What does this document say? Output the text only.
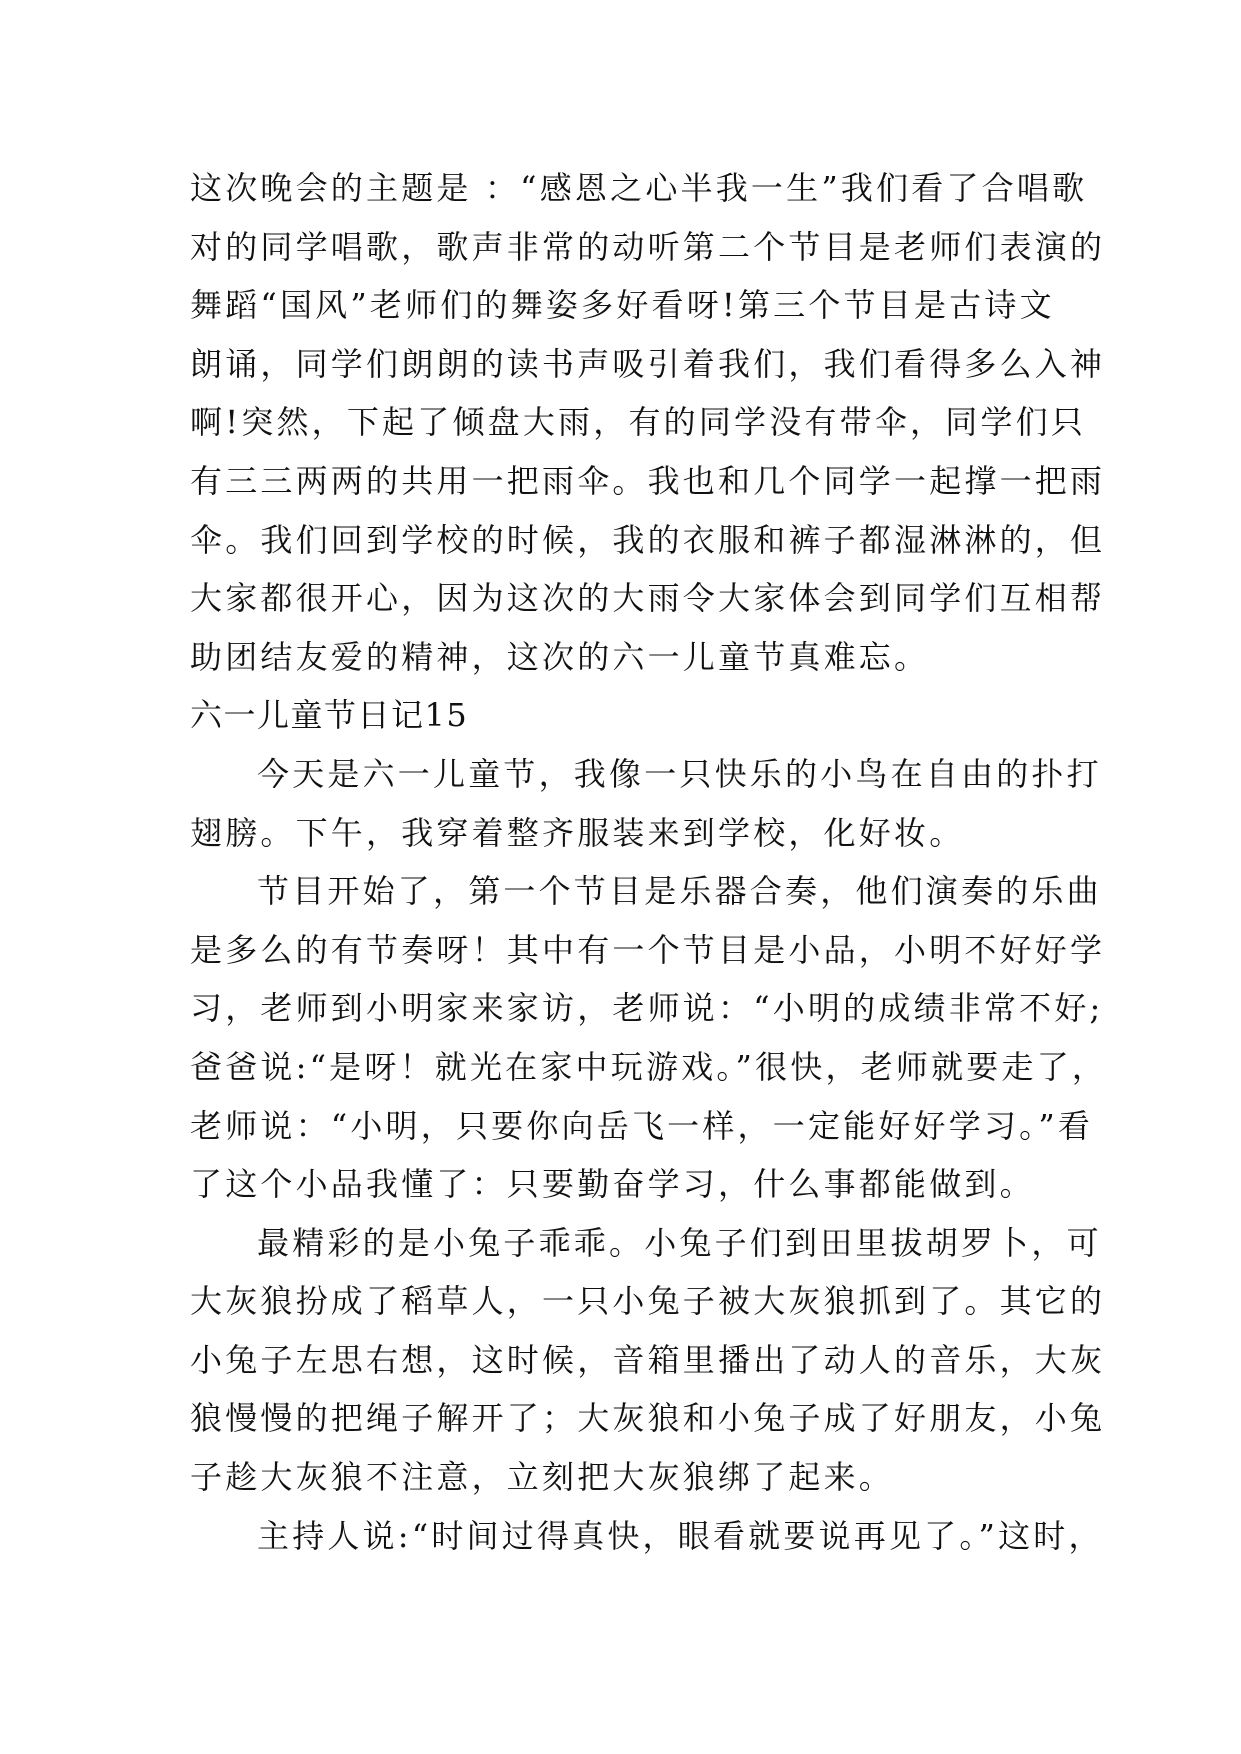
这次晚会的主题是 ：“感恩之心半我一生”我们看了合唱歌
对的同学唱歌，歌声非常的动听第二个节目是老师们表演的
舞蹈“国风”老师们的舞姿多好看呀!第三个节目是古诗文
朗诵，同学们朗朗的读书声吸引着我们，我们看得多么入神
啊!突然，下起了倾盘大雨，有的同学没有带伞，同学们只
有三三两两的共用一把雨伞。我也和几个同学一起撑一把雨
伞。我们回到学校的时候，我的衣服和裤子都湿淋淋的，但
大家都很开心，因为这次的大雨令大家体会到同学们互相帮
助团结友爱的精神，这次的六一儿童节真难忘。
六一儿童节日记15
今天是六一儿童节，我像一只快乐的小鸟在自由的扑打
翅膀。下午，我穿着整齐服装来到学校，化好妆。
节目开始了，第一个节目是乐器合奏，他们演奏的乐曲
是多么的有节奏呀！其中有一个节目是小品，小明不好好学
习，老师到小明家来家访，老师说：“小明的成绩非常不好;
爸爸说:“是呀！就光在家中玩游戏。”很快，老师就要走了，
老师说：“小明，只要你向岳飞一样，一定能好好学习。”看
了这个小品我懂了：只要勤奋学习，什么事都能做到。
最精彩的是小兔子乖乖。小兔子们到田里拔胡罗卜，可
大灰狼扮成了稻草人，一只小兔子被大灰狼抓到了。其它的
小兔子左思右想，这时候，音箱里播出了动人的音乐，大灰
狼慢慢的把绳子解开了；大灰狼和小兔子成了好朋友，小兔
子趁大灰狼不注意，立刻把大灰狼绑了起来。
主持人说:“时间过得真快，眼看就要说再见了。”这时，
